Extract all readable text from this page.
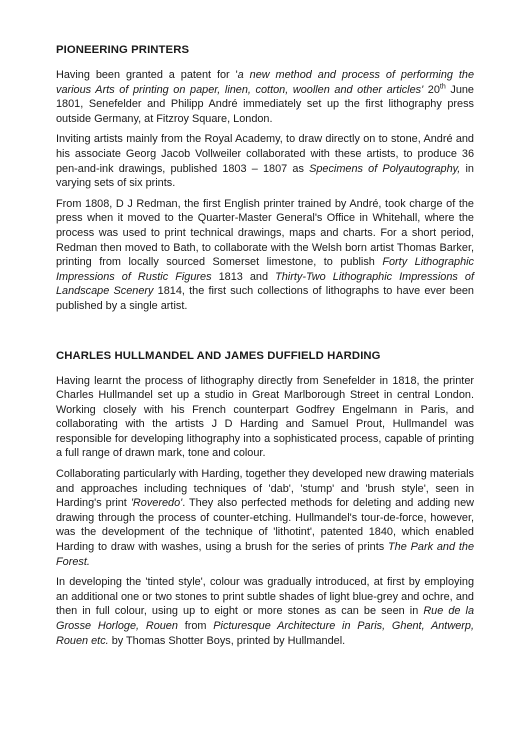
PIONEERING PRINTERS

Having been granted a patent for 'a new method and process of performing the various Arts of printing on paper, linen, cotton, woollen and other articles' 20th June 1801, Senefelder and Philipp André immediately set up the first lithography press outside Germany, at Fitzroy Square, London.

Inviting artists mainly from the Royal Academy, to draw directly on to stone, André and his associate Georg Jacob Vollweiler collaborated with these artists, to produce 36 pen-and-ink drawings, published 1803 – 1807 as Specimens of Polyautography, in varying sets of six prints.

From 1808, D J Redman, the first English printer trained by André, took charge of the press when it moved to the Quarter-Master General's Office in Whitehall, where the process was used to print technical drawings, maps and charts. For a short period, Redman then moved to Bath, to collaborate with the Welsh born artist Thomas Barker, printing from locally sourced Somerset limestone, to publish Forty Lithographic Impressions of Rustic Figures 1813 and Thirty-Two Lithographic Impressions of Landscape Scenery 1814, the first such collections of lithographs to have ever been published by a single artist.

CHARLES HULLMANDEL AND JAMES DUFFIELD HARDING

Having learnt the process of lithography directly from Senefelder in 1818, the printer Charles Hullmandel set up a studio in Great Marlborough Street in central London. Working closely with his French counterpart Godfrey Engelmann in Paris, and collaborating with the artists J D Harding and Samuel Prout, Hullmandel was responsible for developing lithography into a sophisticated process, capable of printing a full range of drawn mark, tone and colour.

Collaborating particularly with Harding, together they developed new drawing materials and approaches including techniques of 'dab', 'stump' and 'brush style', seen in Harding's print 'Roveredo'. They also perfected methods for deleting and adding new drawing through the process of counter-etching. Hullmandel's tour-de-force, however, was the development of the technique of 'lithotint', patented 1840, which enabled Harding to draw with washes, using a brush for the series of prints The Park and the Forest.

In developing the 'tinted style', colour was gradually introduced, at first by employing an additional one or two stones to print subtle shades of light blue-grey and ochre, and then in full colour, using up to eight or more stones as can be seen in Rue de la Grosse Horloge, Rouen from Picturesque Architecture in Paris, Ghent, Antwerp, Rouen etc. by Thomas Shotter Boys, printed by Hullmandel.
